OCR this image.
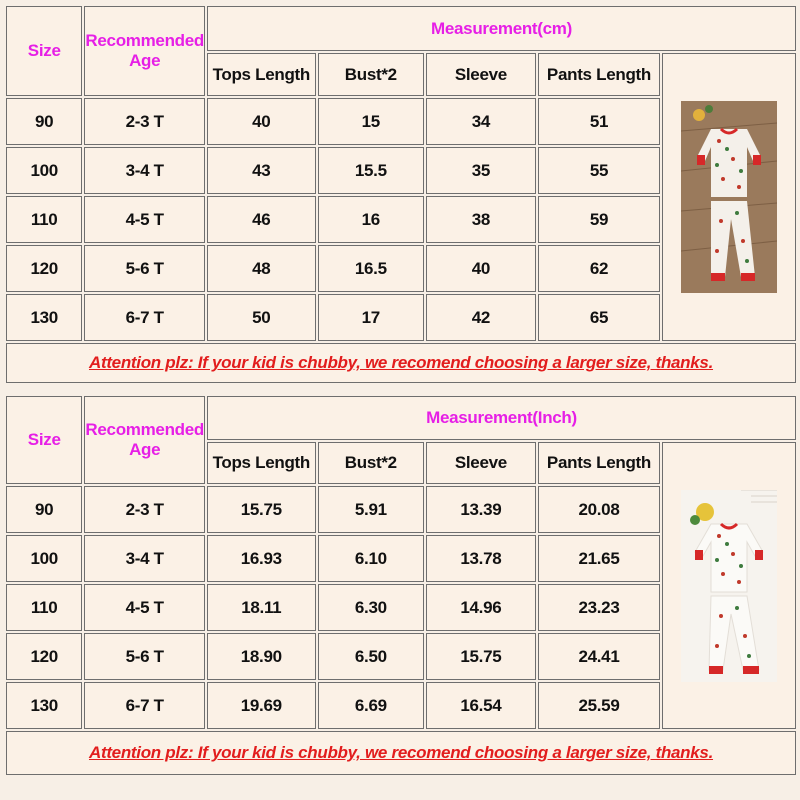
Size	Recommended Age	Measurement(cm)				
		Tops Length	Bust*2	Sleeve	Pants Length	

90	2-3 T	40	15	34	51	
100	3-4 T	43	15.5	35	55	
110	4-5 T	46	16	38	59	
120	5-6 T	48	16.5	40	62	
130	6-7 T	50	17	42	65	
Attention plz: If your kid is chubby, we recomend choosing a larger size, thanks.						
Size	Recommended Age	Measurement(Inch)				
		Tops Length	Bust*2	Sleeve	Pants Length	

90	2-3 T	15.75	5.91	13.39	20.08	
100	3-4 T	16.93	6.10	13.78	21.65	
110	4-5 T	18.11	6.30	14.96	23.23	
120	5-6 T	18.90	6.50	15.75	24.41	
130	6-7 T	19.69	6.69	16.54	25.59	
Attention plz: If your kid is chubby, we recomend choosing a larger size, thanks.						
